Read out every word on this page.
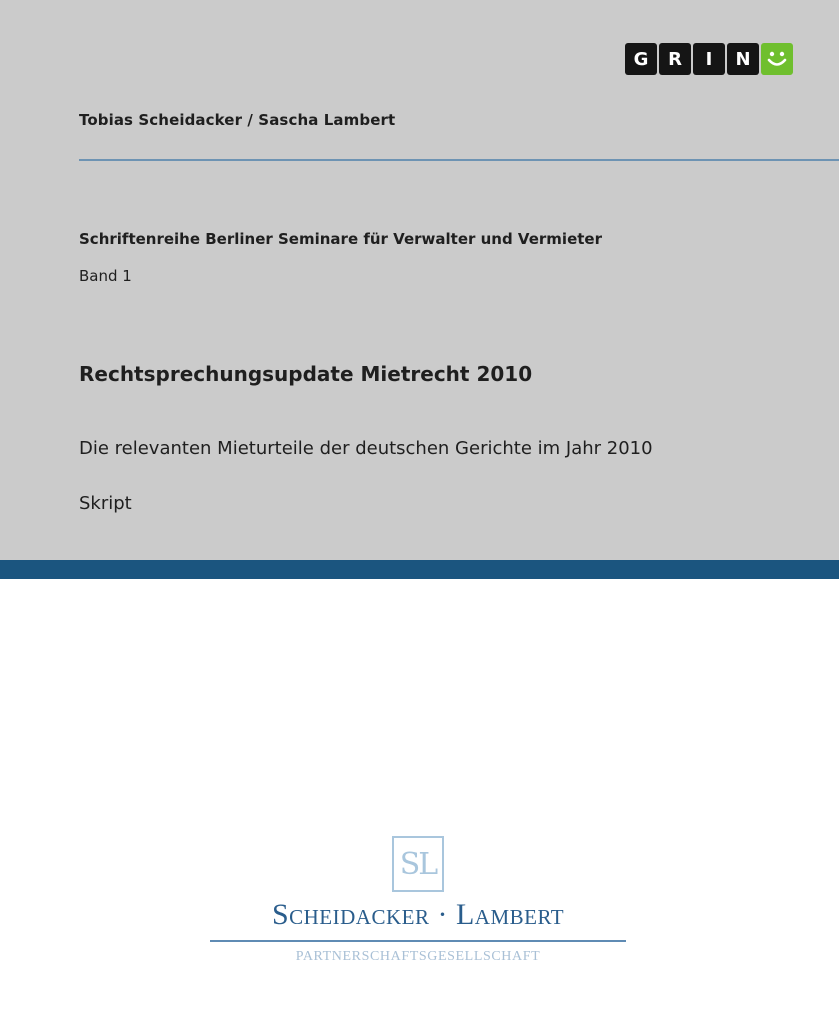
G	R	I	N
Tobias Scheidacker / Sascha Lambert
Schriftenreihe Berliner Seminare für Verwalter und Vermieter
Band 1
Rechtsprechungsupdate Mietrecht 2010
Die relevanten Mieturteile der deutschen Gerichte im Jahr 2010
Skript
SL
Scheidacker · Lambert
PARTNERSCHAFTSGESELLSCHAFT
